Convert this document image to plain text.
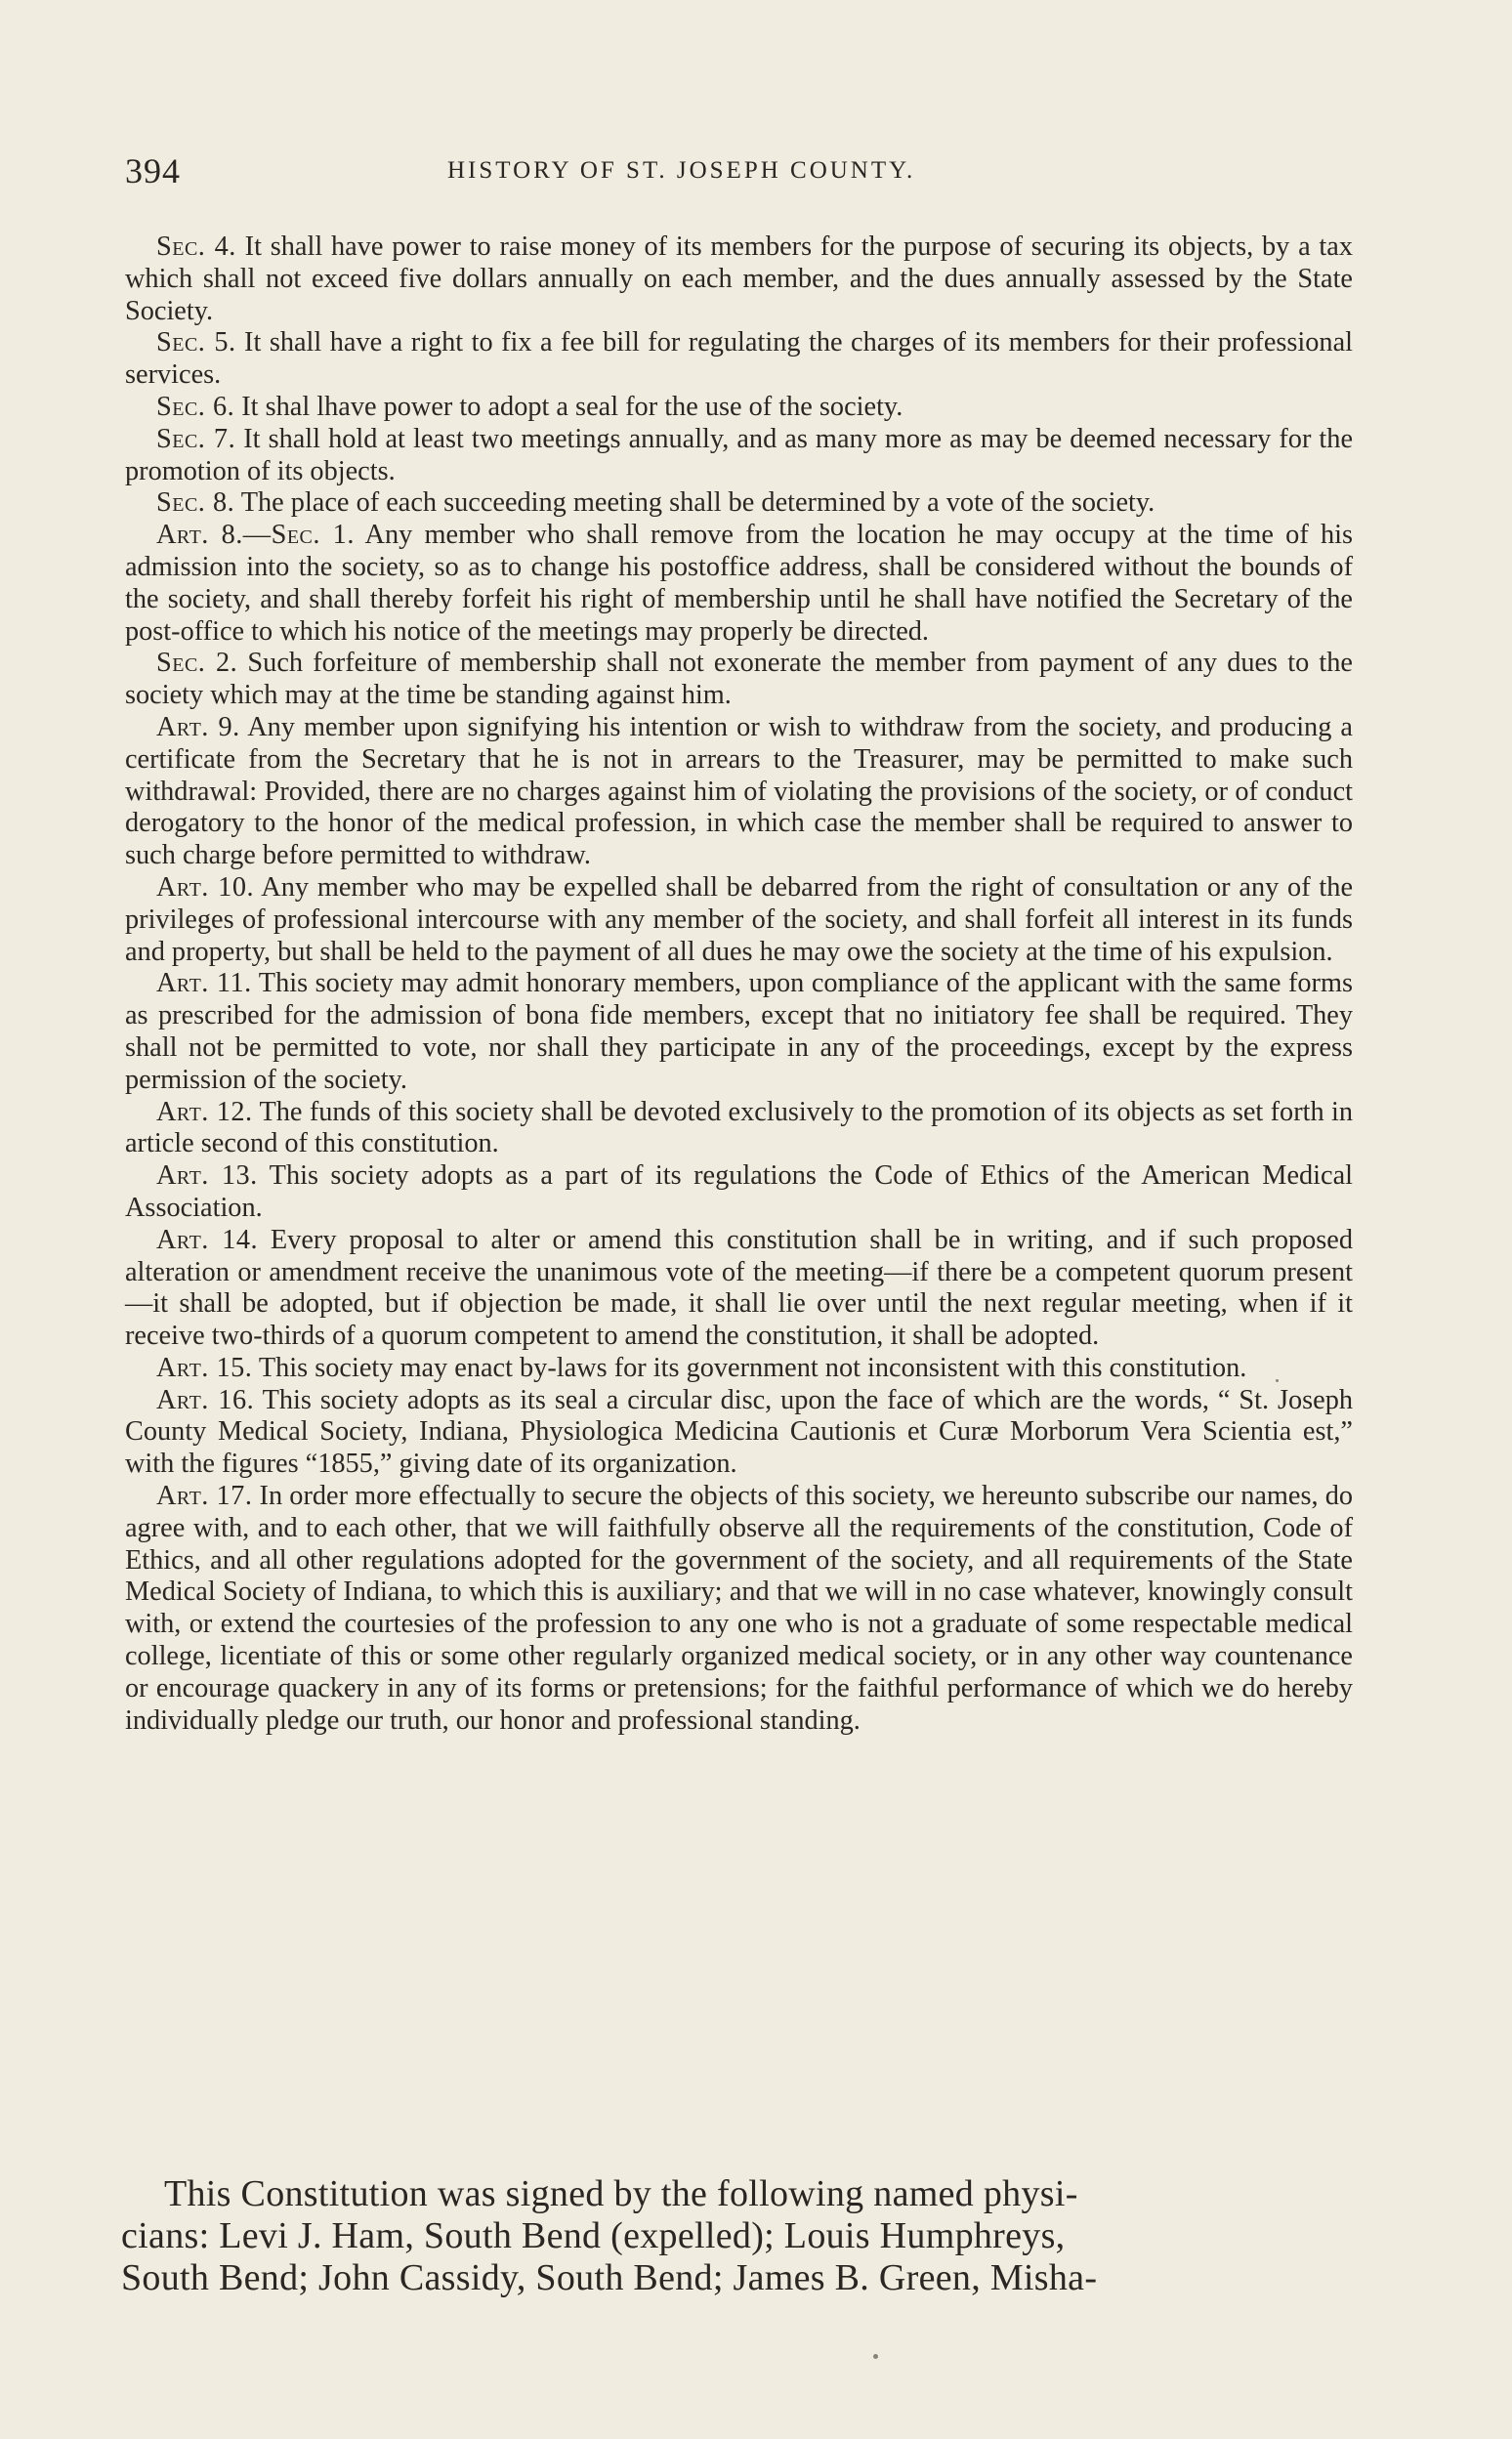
394	HISTORY OF ST. JOSEPH COUNTY.

Sec. 4. It shall have power to raise money of its members for the purpose of securing its objects, by a tax which shall not exceed five dollars annually on each member, and the dues annually assessed by the State Society.

Sec. 5. It shall have a right to fix a fee bill for regulating the charges of its members for their professional services.

Sec. 6. It shal lhave power to adopt a seal for the use of the society.

Sec. 7. It shall hold at least two meetings annually, and as many more as may be deemed necessary for the promotion of its objects.

Sec. 8. The place of each succeeding meeting shall be determined by a vote of the society.

Art. 8.—Sec. 1. Any member who shall remove from the location he may occupy at the time of his admission into the society, so as to change his postoffice address, shall be considered without the bounds of the society, and shall thereby forfeit his right of membership until he shall have notified the Secretary of the post-office to which his notice of the meetings may properly be directed.

Sec. 2. Such forfeiture of membership shall not exonerate the member from payment of any dues to the society which may at the time be standing against him.

Art. 9. Any member upon signifying his intention or wish to withdraw from the society, and producing a certificate from the Secretary that he is not in arrears to the Treasurer, may be permitted to make such withdrawal: Provided, there are no charges against him of violating the provisions of the society, or of conduct derogatory to the honor of the medical profession, in which case the member shall be required to answer to such charge before permitted to withdraw.

Art. 10. Any member who may be expelled shall be debarred from the right of consultation or any of the privileges of professional intercourse with any member of the society, and shall forfeit all interest in its funds and property, but shall be held to the payment of all dues he may owe the society at the time of his expulsion.

Art. 11. This society may admit honorary members, upon compliance of the applicant with the same forms as prescribed for the admission of bona fide members, except that no initiatory fee shall be required. They shall not be permitted to vote, nor shall they participate in any of the proceedings, except by the express permission of the society.

Art. 12. The funds of this society shall be devoted exclusively to the promotion of its objects as set forth in article second of this constitution.

Art. 13. This society adopts as a part of its regulations the Code of Ethics of the American Medical Association.

Art. 14. Every proposal to alter or amend this constitution shall be in writing, and if such proposed alteration or amendment receive the unanimous vote of the meeting—if there be a competent quorum present—it shall be adopted, but if objection be made, it shall lie over until the next regular meeting, when if it receive two-thirds of a quorum competent to amend the constitution, it shall be adopted.

Art. 15. This society may enact by-laws for its government not inconsistent with this constitution.

Art. 16. This society adopts as its seal a circular disc, upon the face of which are the words, “ St. Joseph County Medical Society, Indiana, Physiologica Medicina Cautionis et Curæ Morborum Vera Scientia est,” with the figures “1855,” giving date of its organization.

Art. 17. In order more effectually to secure the objects of this society, we hereunto subscribe our names, do agree with, and to each other, that we will faithfully observe all the requirements of the constitution, Code of Ethics, and all other regulations adopted for the government of the society, and all requirements of the State Medical Society of Indiana, to which this is auxiliary; and that we will in no case whatever, knowingly consult with, or extend the courtesies of the profession to any one who is not a graduate of some respectable medical college, licentiate of this or some other regularly organized medical society, or in any other way countenance or encourage quackery in any of its forms or pretensions; for the faithful performance of which we do hereby individually pledge our truth, our honor and professional standing.

This Constitution was signed by the following named physi-
cians: Levi J. Ham, South Bend (expelled); Louis Humphreys,
South Bend; John Cassidy, South Bend; James B. Green, Misha-
